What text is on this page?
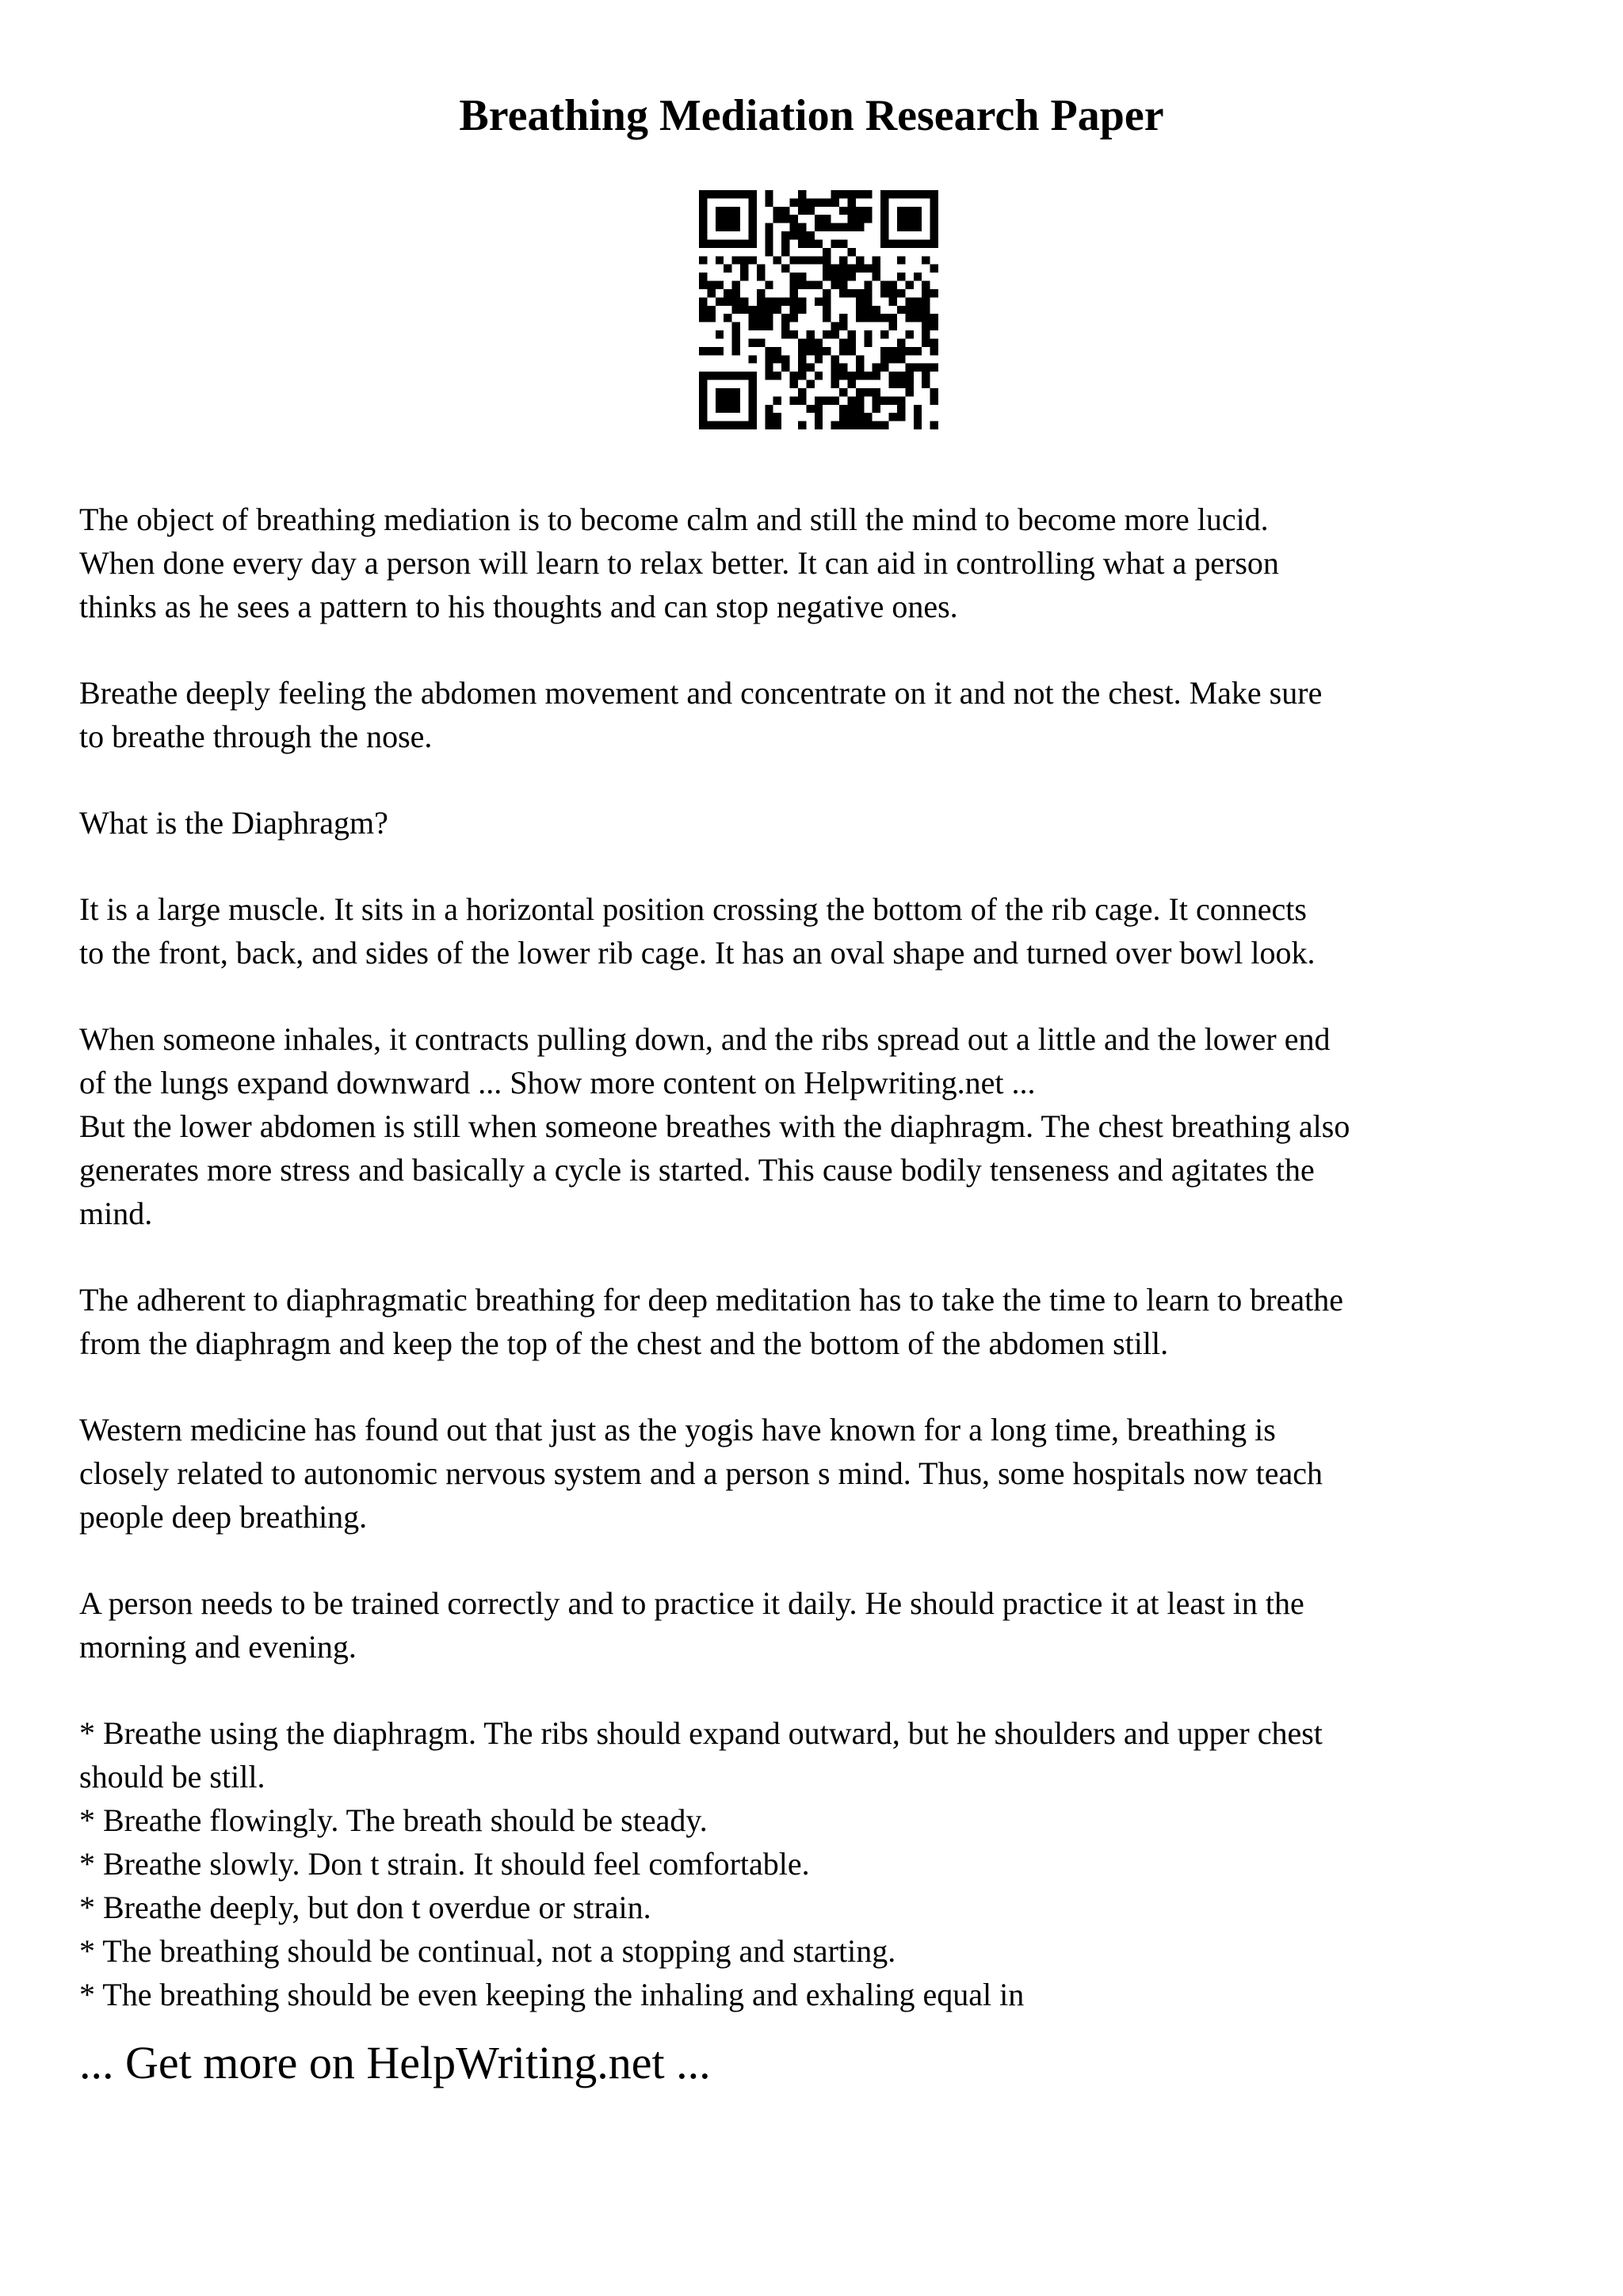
Breathing Mediation Research Paper
The object of breathing mediation is to become calm and still the mind to become more lucid.
When done every day a person will learn to relax better. It can aid in controlling what a person
thinks as he sees a pattern to his thoughts and can stop negative ones.
Breathe deeply feeling the abdomen movement and concentrate on it and not the chest. Make sure
to breathe through the nose.
What is the Diaphragm?
It is a large muscle. It sits in a horizontal position crossing the bottom of the rib cage. It connects
to the front, back, and sides of the lower rib cage. It has an oval shape and turned over bowl look.
When someone inhales, it contracts pulling down, and the ribs spread out a little and the lower end
of the lungs expand downward ... Show more content on Helpwriting.net ...
But the lower abdomen is still when someone breathes with the diaphragm. The chest breathing also
generates more stress and basically a cycle is started. This cause bodily tenseness and agitates the
mind.
The adherent to diaphragmatic breathing for deep meditation has to take the time to learn to breathe
from the diaphragm and keep the top of the chest and the bottom of the abdomen still.
Western medicine has found out that just as the yogis have known for a long time, breathing is
closely related to autonomic nervous system and a person s mind. Thus, some hospitals now teach
people deep breathing.
A person needs to be trained correctly and to practice it daily. He should practice it at least in the
morning and evening.
* Breathe using the diaphragm. The ribs should expand outward, but he shoulders and upper chest
should be still.
* Breathe flowingly. The breath should be steady.
* Breathe slowly. Don t strain. It should feel comfortable.
* Breathe deeply, but don t overdue or strain.
* The breathing should be continual, not a stopping and starting.
* The breathing should be even keeping the inhaling and exhaling equal in
... Get more on HelpWriting.net ...
